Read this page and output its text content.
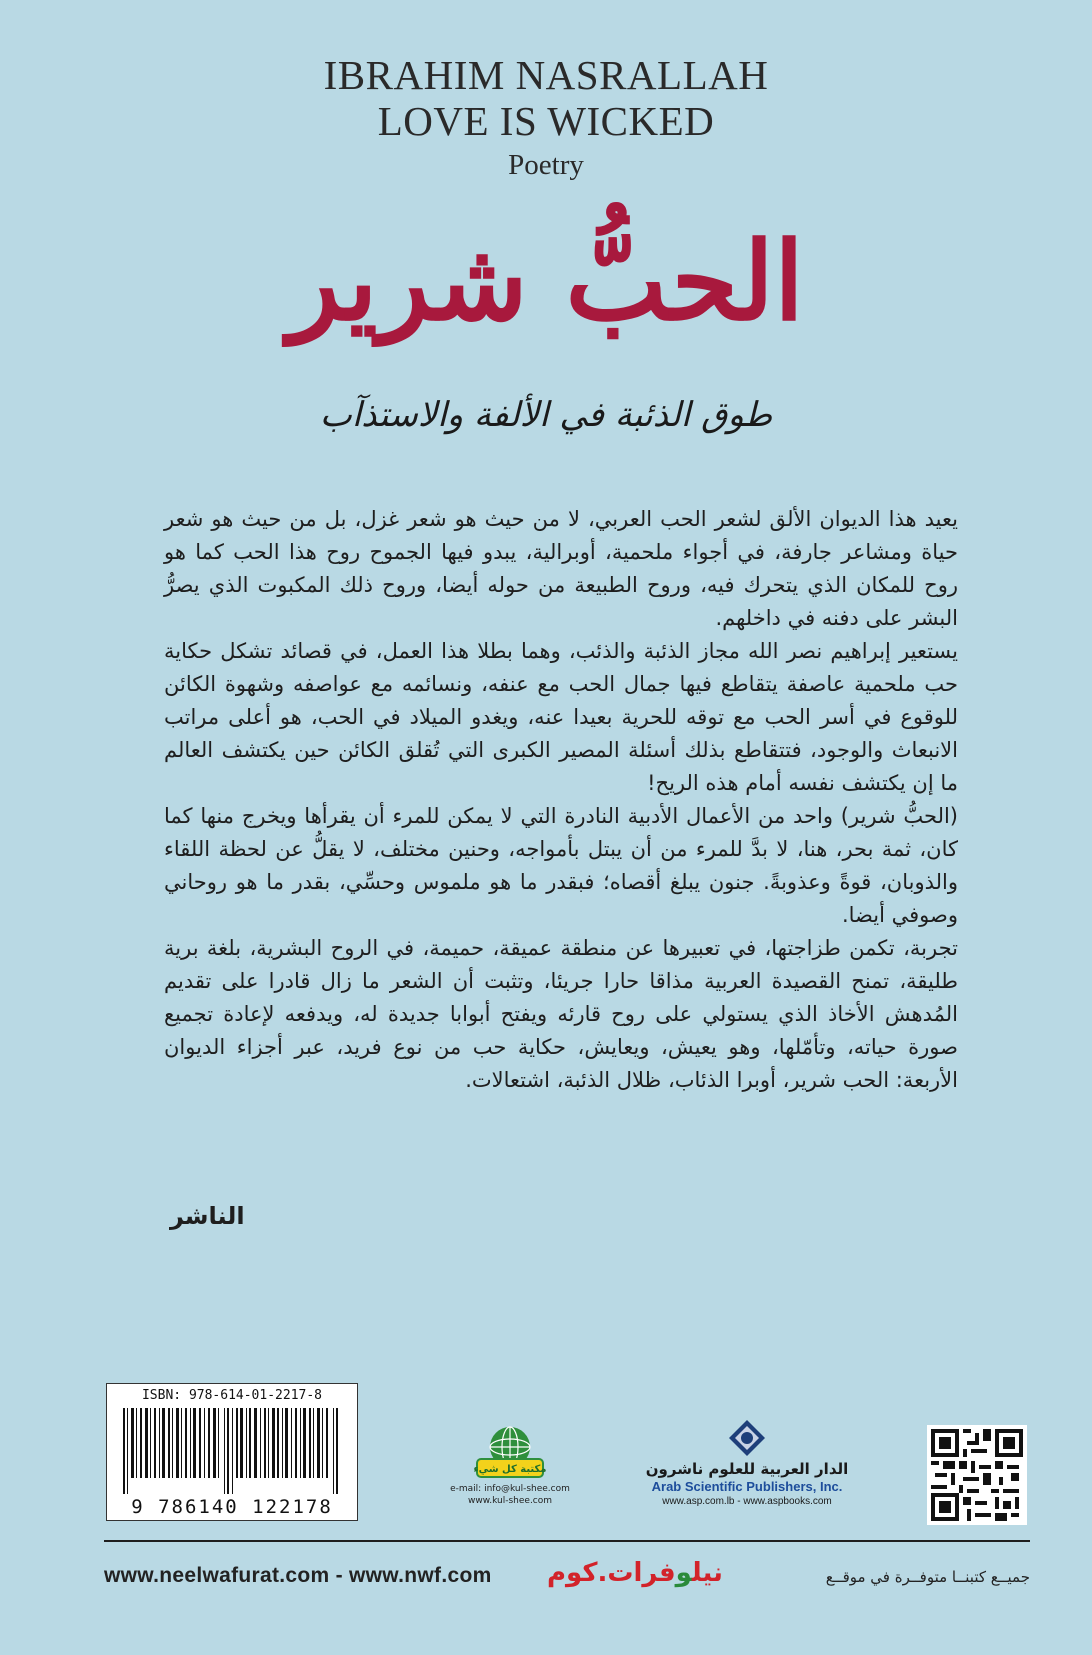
IBRAHIM NASRALLAH
LOVE IS WICKED
Poetry
الحبُّ شرير
طوق الذئبة في الألفة والاستذآب

يعيد هذا الديوان الألق لشعر الحب العربي، لا من حيث هو شعر غزل، بل من حيث هو شعر حياة ومشاعر جارفة، في أجواء ملحمية، أوبرالية، يبدو فيها الجموح روح هذا الحب كما هو روح للمكان الذي يتحرك فيه، وروح الطبيعة من حوله أيضا، وروح ذلك المكبوت الذي يصرُّ البشر على دفنه في داخلهم.

يستعير إبراهيم نصر الله مجاز الذئبة والذئب، وهما بطلا هذا العمل، في قصائد تشكل حكاية حب ملحمية عاصفة يتقاطع فيها جمال الحب مع عنفه، ونسائمه مع عواصفه وشهوة الكائن للوقوع في أسر الحب مع توقه للحرية بعيدا عنه، ويغدو الميلاد في الحب، هو أعلى مراتب الانبعاث والوجود، فتتقاطع بذلك أسئلة المصير الكبرى التي تُقلق الكائن حين يكتشف العالم ما إن يكتشف نفسه أمام هذه الريح!

(الحبُّ شرير) واحد من الأعمال الأدبية النادرة التي لا يمكن للمرء أن يقرأها ويخرج منها كما كان، ثمة بحر، هنا، لا بدَّ للمرء من أن يبتل بأمواجه، وحنين مختلف، لا يقلُّ عن لحظة اللقاء والذوبان، قوةً وعذوبةً. جنون يبلغ أقصاه؛ فبقدر ما هو ملموس وحسِّي، بقدر ما هو روحاني وصوفي أيضا.

تجربة، تكمن طزاجتها، في تعبيرها عن منطقة عميقة، حميمة، في الروح البشرية، بلغة برية طليقة، تمنح القصيدة العربية مذاقا حارا جريئا، وتثبت أن الشعر ما زال قادرا على تقديم المُدهش الأخاذ الذي يستولي على روح قارئه ويفتح أبوابا جديدة له، ويدفعه لإعادة تجميع صورة حياته، وتأمّلها، وهو يعيش، ويعايش، حكاية حب من نوع فريد، عبر أجزاء الديوان الأربعة: الحب شرير، أوبرا الذئاب، ظلال الذئبة، اشتعالات.

الناشر
ISBN: 978-614-01-2217-8
9 786140 122178
مكتبة كل شيء
e-mail: info@kul-shee.com
www.kul-shee.com
الدار العربية للعلوم ناشرون
Arab Scientific Publishers, Inc.
www.asp.com.lb - www.aspbooks.com
www.neelwafurat.com - www.nwf.com	نيلوفرات.كوم	جميــع كتبنــا متوفــرة في موقــع
